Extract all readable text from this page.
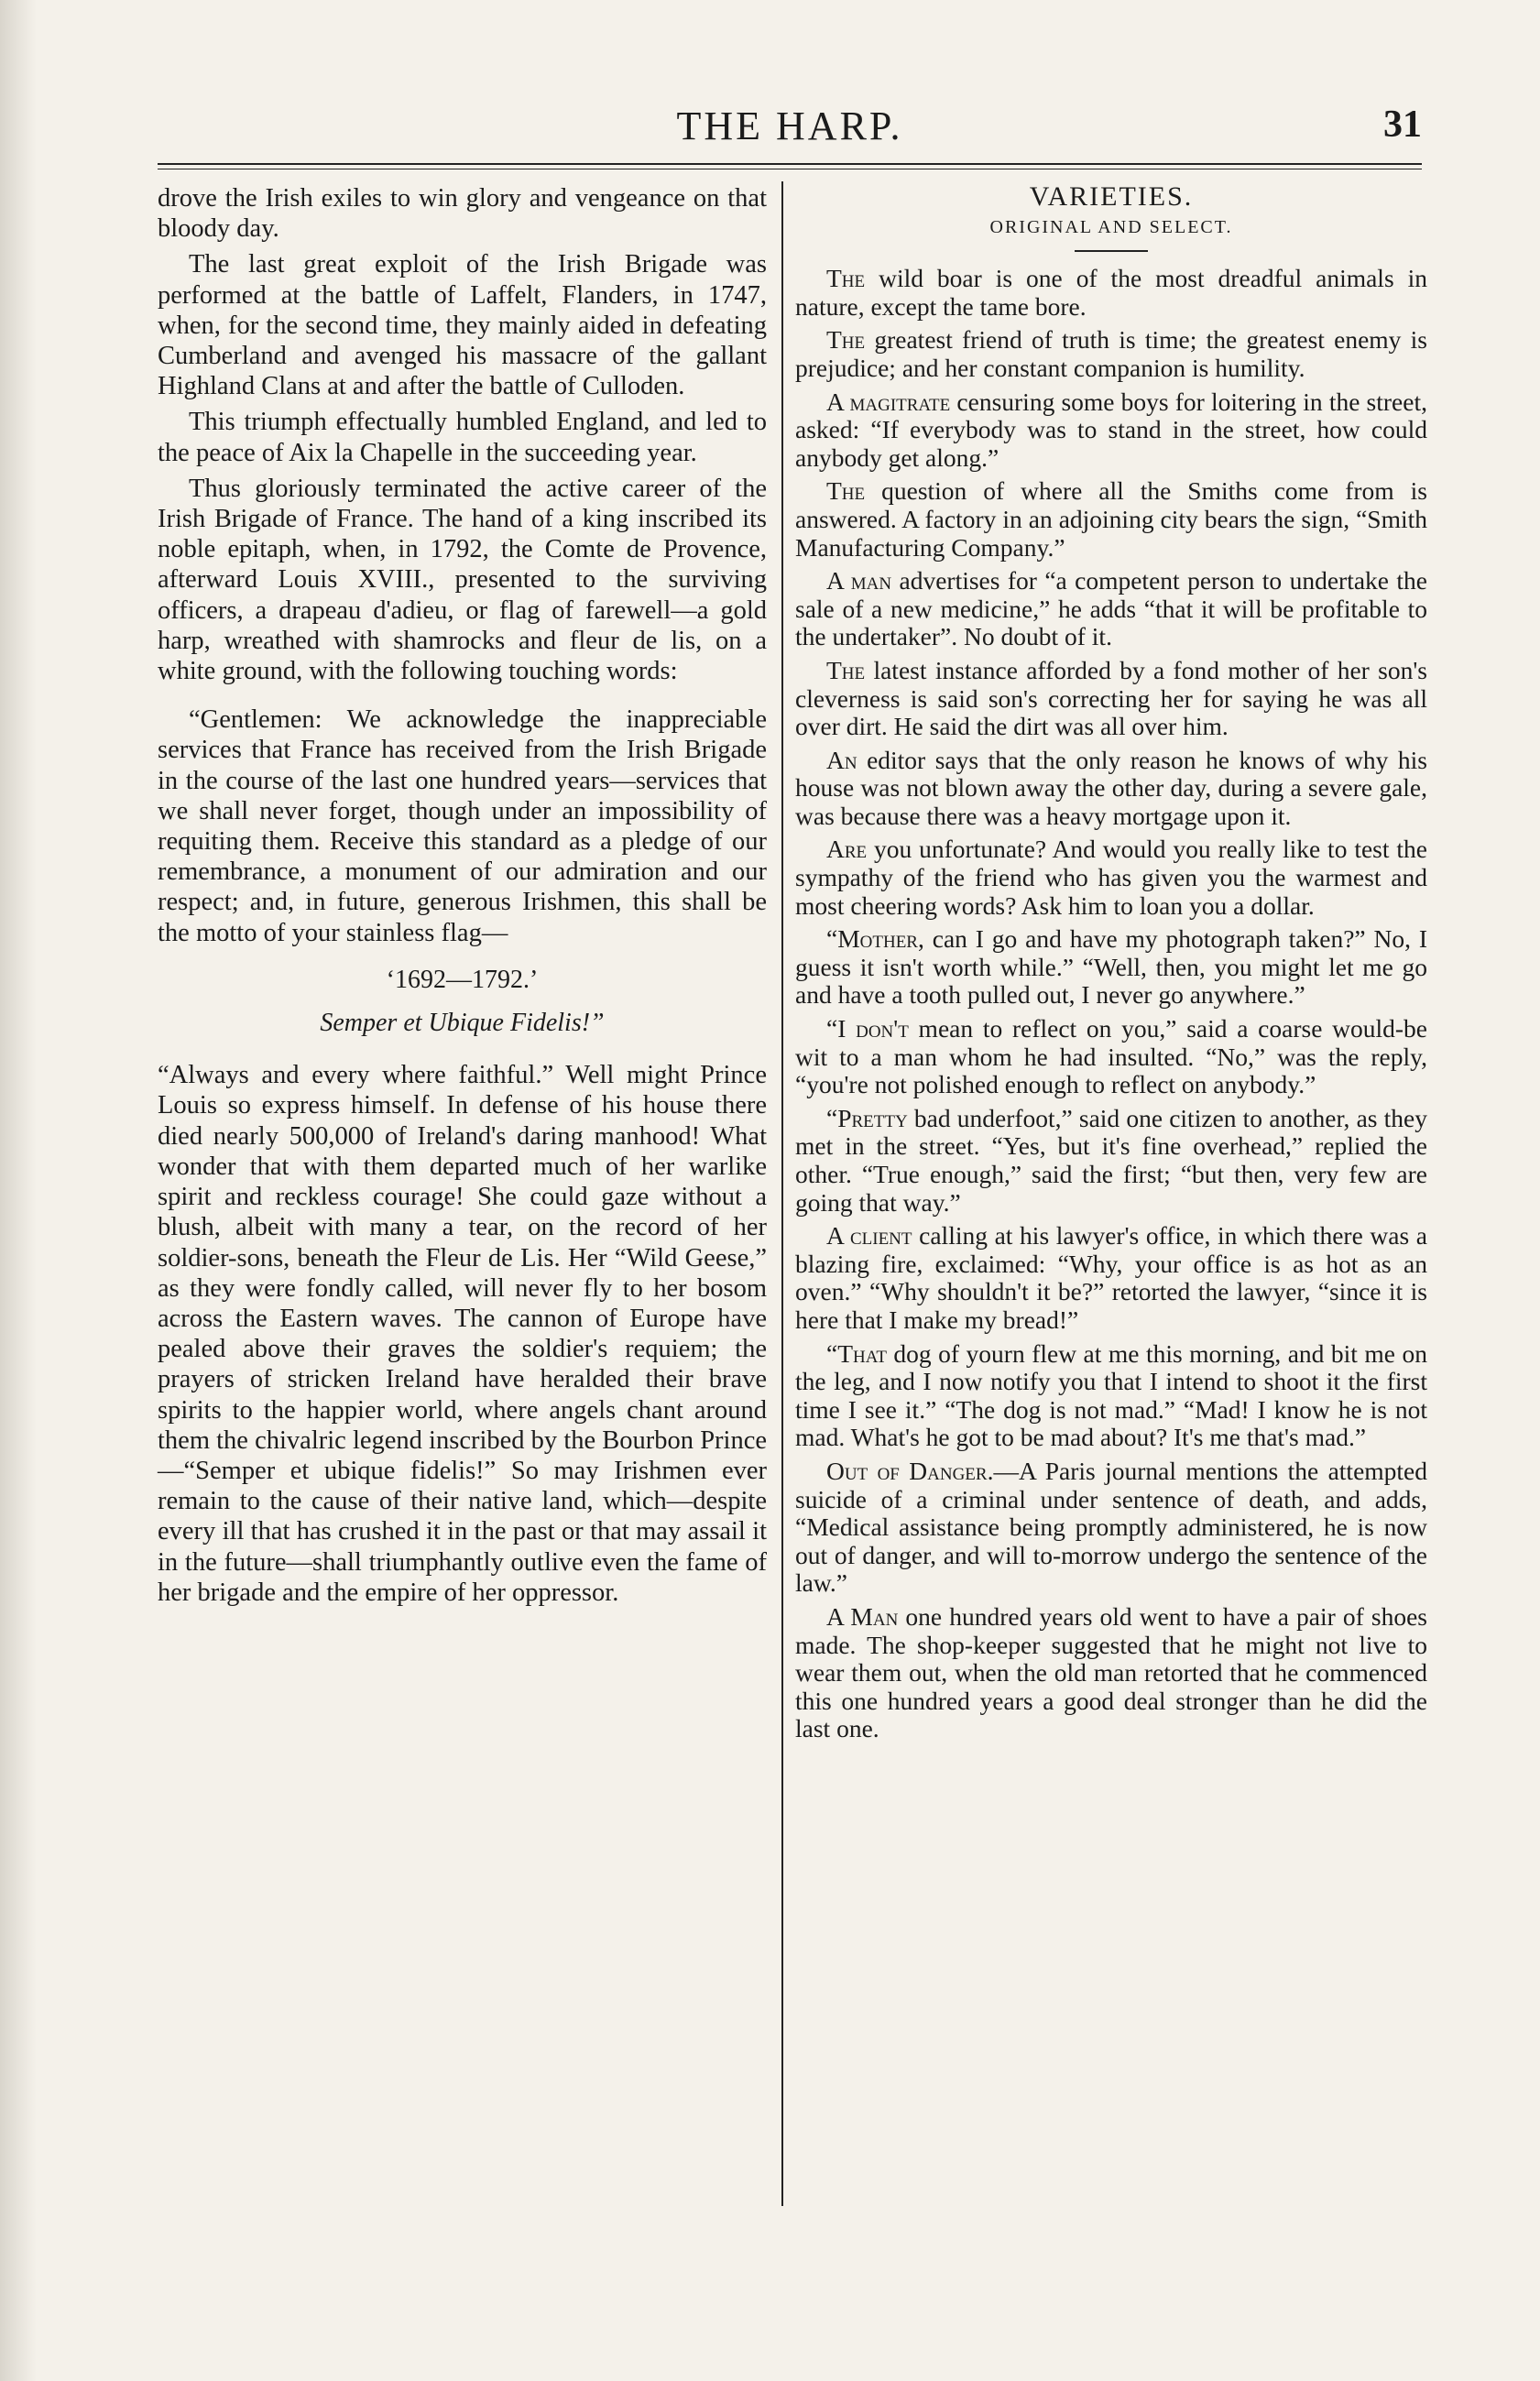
THE HARP.	31

drove the Irish exiles to win glory and vengeance on that bloody day.

The last great exploit of the Irish Brigade was performed at the battle of Laffelt, Flanders, in 1747, when, for the second time, they mainly aided in defeating Cumberland and avenged his massacre of the gallant Highland Clans at and after the battle of Culloden.

This triumph effectually humbled England, and led to the peace of Aix la Chapelle in the succeeding year.

Thus gloriously terminated the active career of the Irish Brigade of France. The hand of a king inscribed its noble epitaph, when, in 1792, the Comte de Provence, afterward Louis XVIII., presented to the surviving officers, a drapeau d'adieu, or flag of farewell—a gold harp, wreathed with shamrocks and fleur de lis, on a white ground, with the following touching words:

“Gentlemen: We acknowledge the inappreciable services that France has received from the Irish Brigade in the course of the last one hundred years—services that we shall never forget, though under an impossibility of requiting them. Receive this standard as a pledge of our remembrance, a monument of our admiration and our respect; and, in future, generous Irishmen, this shall be the motto of your stainless flag—

‘1692—1792.’
Semper et Ubique Fidelis!”

“Always and every where faithful.” Well might Prince Louis so express himself. In defense of his house there died nearly 500,000 of Ireland's daring manhood! What wonder that with them departed much of her warlike spirit and reckless courage! She could gaze without a blush, albeit with many a tear, on the record of her soldier-sons, beneath the Fleur de Lis. Her “Wild Geese,” as they were fondly called, will never fly to her bosom across the Eastern waves. The cannon of Europe have pealed above their graves the soldier's requiem; the prayers of stricken Ireland have heralded their brave spirits to the happier world, where angels chant around them the chivalric legend inscribed by the Bourbon Prince—“Semper et ubique fidelis!” So may Irishmen ever remain to the cause of their native land, which—despite every ill that has crushed it in the past or that may assail it in the future—shall triumphantly outlive even the fame of her brigade and the empire of her oppressor.

VARIETIES.
ORIGINAL AND SELECT.

The wild boar is one of the most dreadful animals in nature, except the tame bore.

The greatest friend of truth is time; the greatest enemy is prejudice; and her constant companion is humility.

A magitrate censuring some boys for loitering in the street, asked: “If everybody was to stand in the street, how could anybody get along.”

The question of where all the Smiths come from is answered. A factory in an adjoining city bears the sign, “Smith Manufacturing Company.”

A man advertises for “a competent person to undertake the sale of a new medicine,” he adds “that it will be profitable to the undertaker”. No doubt of it.

The latest instance afforded by a fond mother of her son's cleverness is said son's correcting her for saying he was all over dirt. He said the dirt was all over him.

An editor says that the only reason he knows of why his house was not blown away the other day, during a severe gale, was because there was a heavy mortgage upon it.

Are you unfortunate? And would you really like to test the sympathy of the friend who has given you the warmest and most cheering words? Ask him to loan you a dollar.

“Mother, can I go and have my photograph taken?” No, I guess it isn't worth while.” “Well, then, you might let me go and have a tooth pulled out, I never go anywhere.”

“I don't mean to reflect on you,” said a coarse would-be wit to a man whom he had insulted. “No,” was the reply, “you're not polished enough to reflect on anybody.”

“Pretty bad underfoot,” said one citizen to another, as they met in the street. “Yes, but it's fine overhead,” replied the other. “True enough,” said the first; “but then, very few are going that way.”

A client calling at his lawyer's office, in which there was a blazing fire, exclaimed: “Why, your office is as hot as an oven.” “Why shouldn't it be?” retorted the lawyer, “since it is here that I make my bread!”

“That dog of yourn flew at me this morning, and bit me on the leg, and I now notify you that I intend to shoot it the first time I see it.” “The dog is not mad.” “Mad! I know he is not mad. What's he got to be mad about? It's me that's mad.”

Out of Danger.—A Paris journal mentions the attempted suicide of a criminal under sentence of death, and adds, “Medical assistance being promptly administered, he is now out of danger, and will to-morrow undergo the sentence of the law.”

A Man one hundred years old went to have a pair of shoes made. The shop-keeper suggested that he might not live to wear them out, when the old man retorted that he commenced this one hundred years a good deal stronger than he did the last one.
